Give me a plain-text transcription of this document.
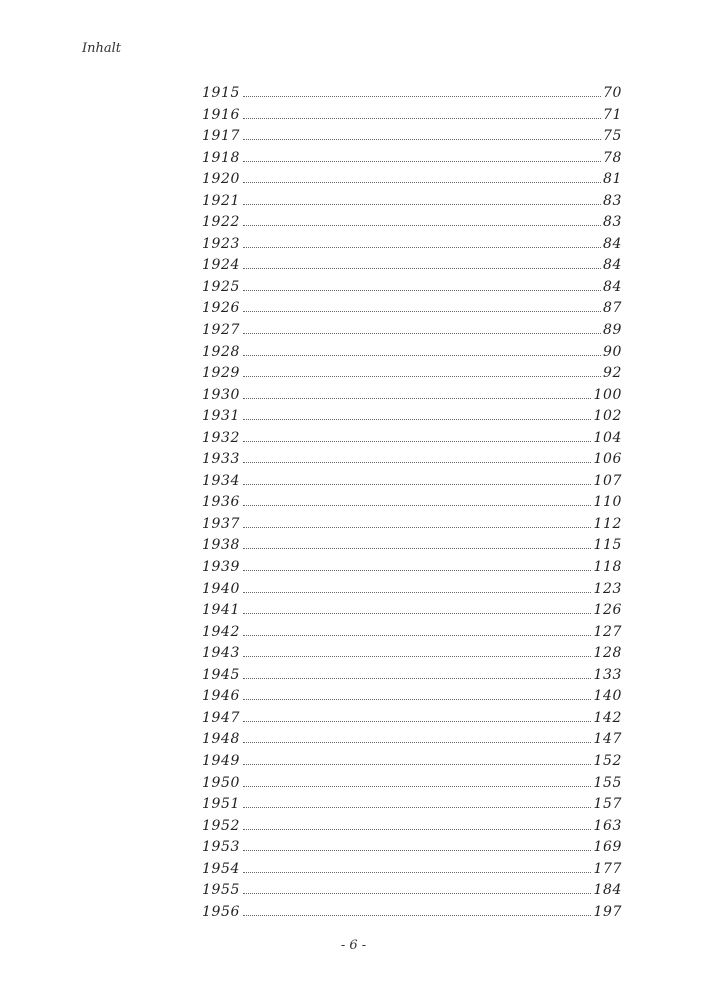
Inhalt
1915	70
1916	71
1917	75
1918	78
1920	81
1921	83
1922	83
1923	84
1924	84
1925	84
1926	87
1927	89
1928	90
1929	92
1930	100
1931	102
1932	104
1933	106
1934	107
1936	110
1937	112
1938	115
1939	118
1940	123
1941	126
1942	127
1943	128
1945	133
1946	140
1947	142
1948	147
1949	152
1950	155
1951	157
1952	163
1953	169
1954	177
1955	184
1956	197
- 6 -
